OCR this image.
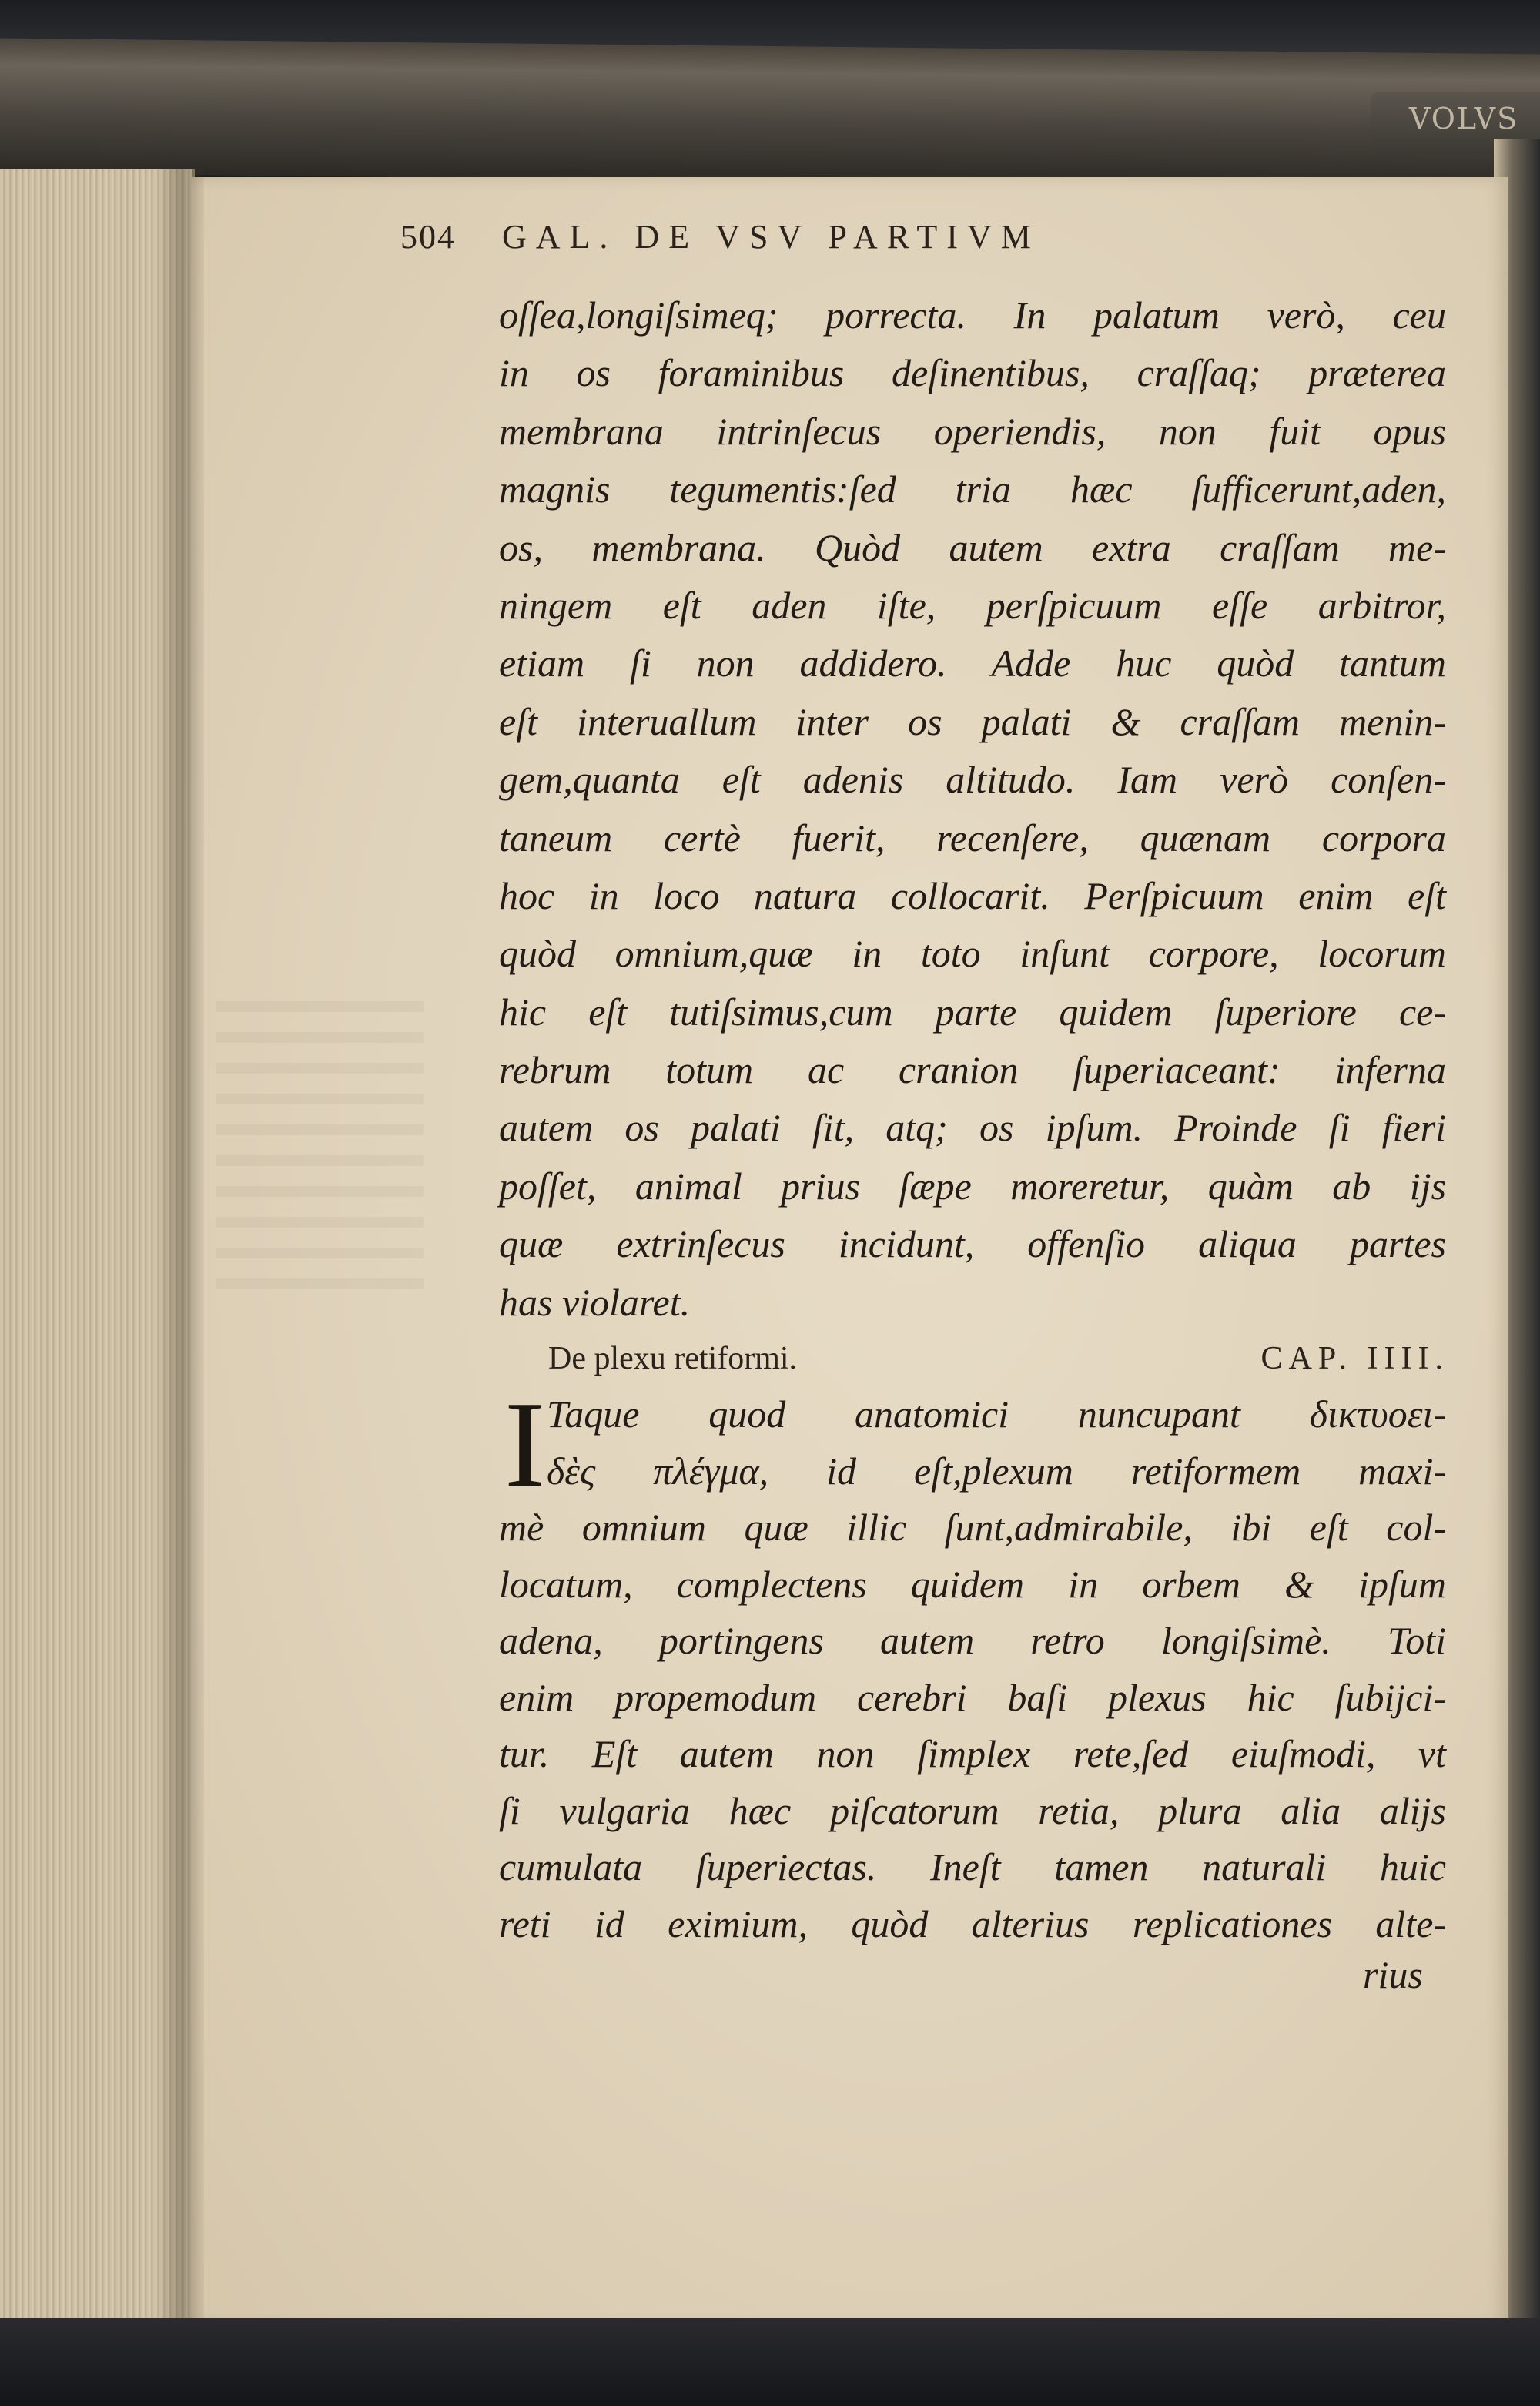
VOLVS
504 GAL. DE VSV PARTIVM
oſſea,longiſsimeq; porrecta. In palatum verò, ceu
in os foraminibus deſinentibus, craſſaq; præterea
membrana intrinſecus operiendis, non fuit opus
magnis tegumentis:ſed tria hæc ſufficerunt,aden,
os, membrana. Quòd autem extra craſſam me-
ningem eſt aden iſte, perſpicuum eſſe arbitror,
etiam ſi non addidero. Adde huc quòd tantum
eſt interuallum inter os palati & craſſam menin-
gem,quanta eſt adenis altitudo. Iam verò conſen-
taneum certè fuerit, recenſere, quænam corpora
hoc in loco natura collocarit. Perſpicuum enim eſt
quòd omnium,quæ in toto inſunt corpore, locorum
hic eſt tutiſsimus,cum parte quidem ſuperiore ce-
rebrum totum ac cranion ſuperiaceant: inferna
autem os palati ſit, atq; os ipſum. Proinde ſi fieri
poſſet, animal prius ſæpe moreretur, quàm ab ijs
quæ extrinſecus incidunt, offenſio aliqua partes
has violaret.
De plexu retiformi.	CAP. IIII.
I Taque quod anatomici nuncupant δικτυοει-
δὲς πλέγμα, id eſt,plexum retiformem maxi-
mè omnium quæ illic ſunt,admirabile, ibi eſt col-
locatum, complectens quidem in orbem & ipſum
adena, portingens autem retro longiſsimè. Toti
enim propemodum cerebri baſi plexus hic ſubijci-
tur. Eſt autem non ſimplex rete,ſed eiuſmodi, vt
ſi vulgaria hæc piſcatorum retia, plura alia alijs
cumulata ſuperiectas. Ineſt tamen naturali huic
reti id eximium, quòd alterius replicationes alte-
rius
